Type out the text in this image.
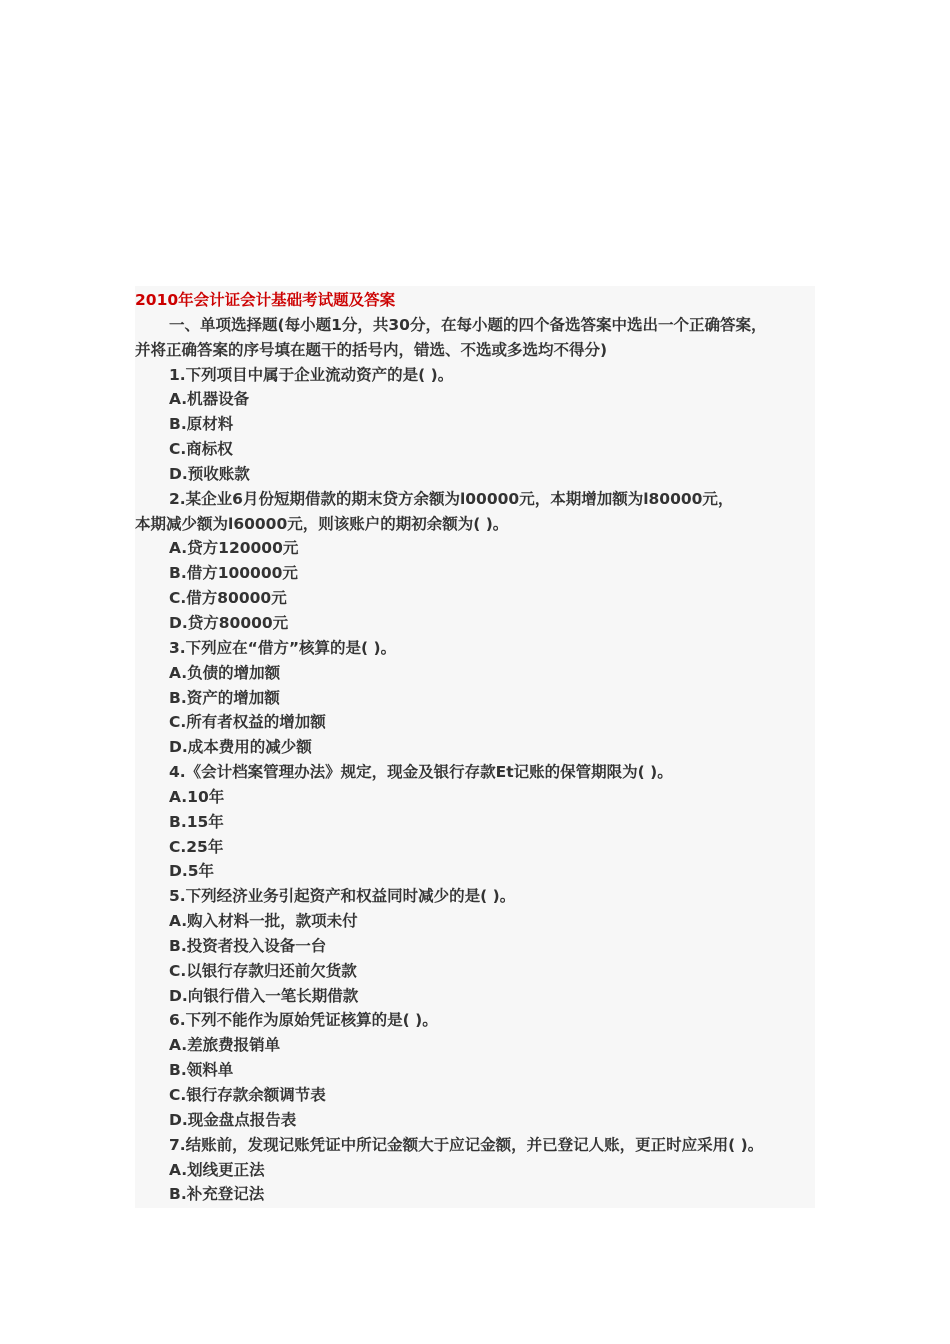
2010年会计证会计基础考试题及答案
一、单项选择题(每小题1分，共30分，在每小题的四个备选答案中选出一个正确答案，
并将正确答案的序号填在题干的括号内，错选、不选或多选均不得分)
1.下列项目中属于企业流动资产的是( )。
A.机器设备
B.原材料
C.商标权
D.预收账款
2.某企业6月份短期借款的期末贷方余额为l00000元，本期增加额为l80000元，
本期减少额为l60000元，则该账户的期初余额为( )。
A.贷方120000元
B.借方100000元
C.借方80000元
D.贷方80000元
3.下列应在“借方”核算的是( )。
A.负债的增加额
B.资产的增加额
C.所有者权益的增加额
D.成本费用的减少额
4.《会计档案管理办法》规定，现金及银行存款Et记账的保管期限为( )。
A.10年
B.15年
C.25年
D.5年
5.下列经济业务引起资产和权益同时减少的是( )。
A.购入材料一批，款项未付
B.投资者投入设备一台
C.以银行存款归还前欠货款
D.向银行借入一笔长期借款
6.下列不能作为原始凭证核算的是( )。
A.差旅费报销单
B.领料单
C.银行存款余额调节表
D.现金盘点报告表
7.结账前，发现记账凭证中所记金额大于应记金额，并已登记人账，更正时应采用( )。
A.划线更正法
B.补充登记法
